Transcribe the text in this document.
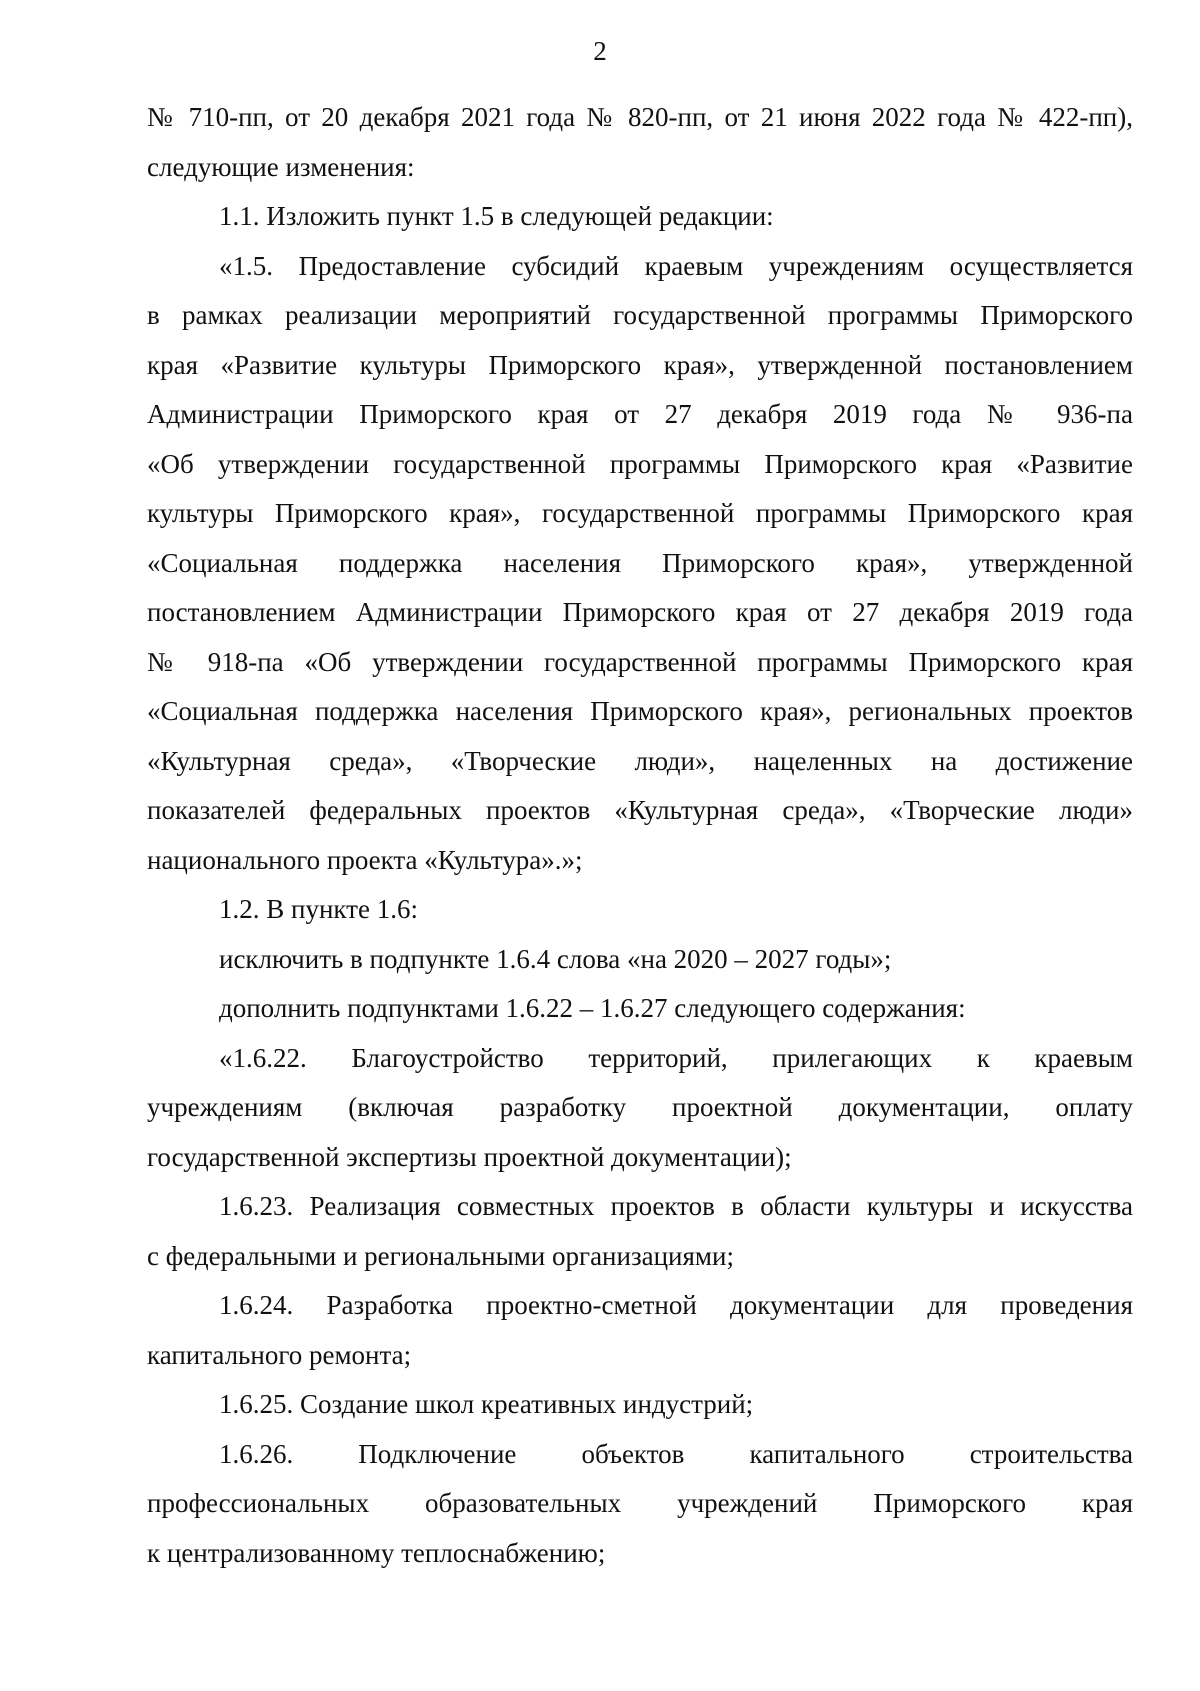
2
№ 710-пп, от 20 декабря 2021 года № 820-пп, от 21 июня 2022 года № 422-пп),
следующие изменения:
1.1. Изложить пункт 1.5 в следующей редакции:
«1.5. Предоставление субсидий краевым учреждениям осуществляется
в рамках реализации мероприятий государственной программы Приморского
края «Развитие культуры Приморского края», утвержденной постановлением
Администрации Приморского края от 27 декабря 2019 года № 936-па
«Об утверждении государственной программы Приморского края «Развитие
культуры Приморского края», государственной программы Приморского края
«Социальная поддержка населения Приморского края», утвержденной
постановлением Администрации Приморского края от 27 декабря 2019 года
№ 918-па «Об утверждении государственной программы Приморского края
«Социальная поддержка населения Приморского края», региональных проектов
«Культурная среда», «Творческие люди», нацеленных на достижение
показателей федеральных проектов «Культурная среда», «Творческие люди»
национального проекта «Культура».»;
1.2. В пункте 1.6:
исключить в подпункте 1.6.4 слова «на 2020 – 2027 годы»;
дополнить подпунктами 1.6.22 – 1.6.27 следующего содержания:
«1.6.22. Благоустройство территорий, прилегающих к краевым
учреждениям (включая разработку проектной документации, оплату
государственной экспертизы проектной документации);
1.6.23. Реализация совместных проектов в области культуры и искусства
с федеральными и региональными организациями;
1.6.24. Разработка проектно-сметной документации для проведения
капитального ремонта;
1.6.25. Создание школ креативных индустрий;
1.6.26. Подключение объектов капитального строительства
профессиональных образовательных учреждений Приморского края
к централизованному теплоснабжению;
